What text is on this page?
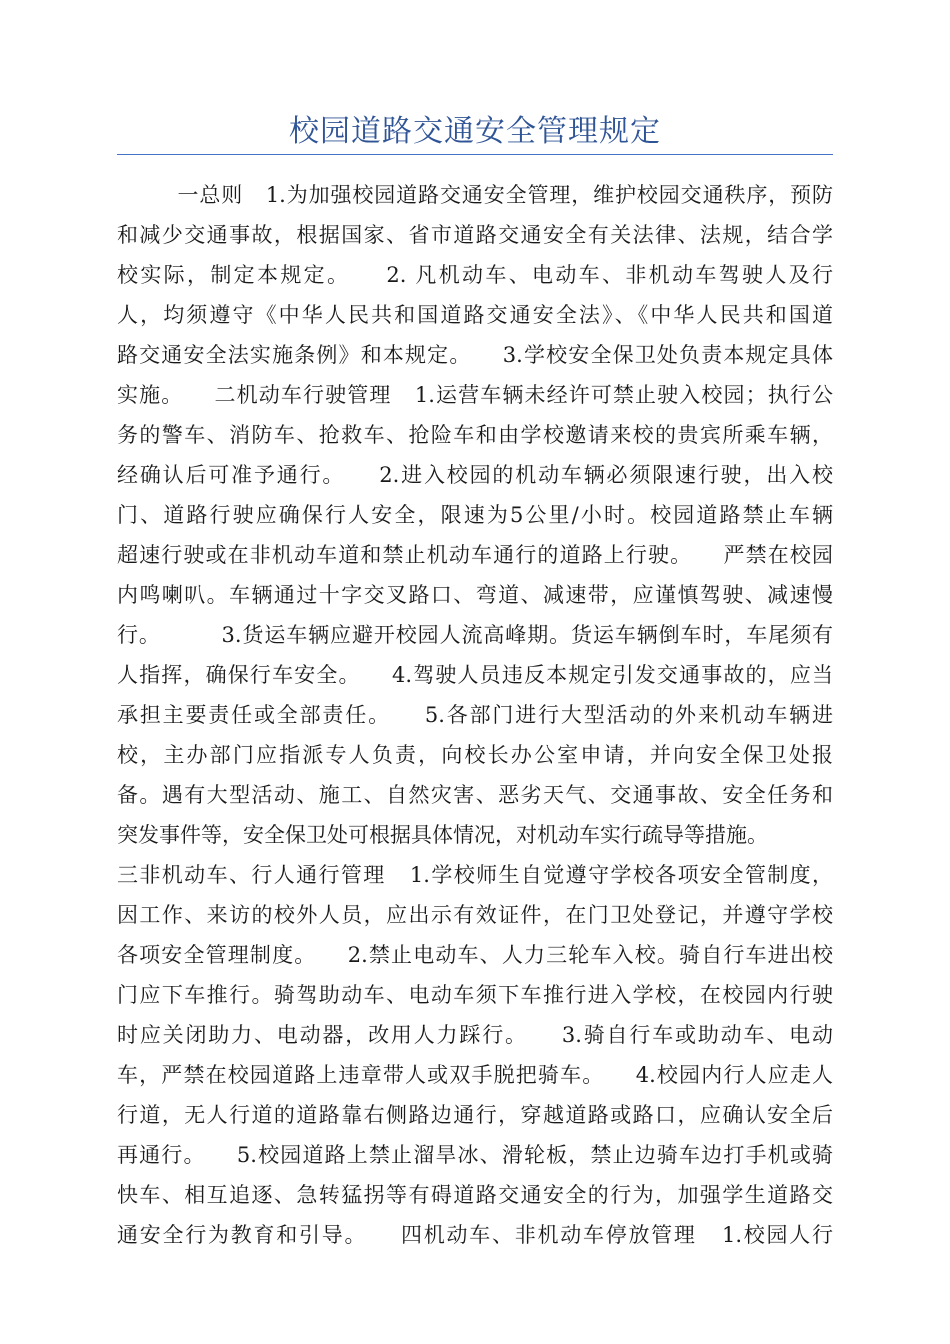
校园道路交通安全管理规定
一总则   1.为加强校园道路交通安全管理，维护校园交通秩序，预防
和减少交通事故，根据国家、省市道路交通安全有关法律、法规，结合学
校实际，制定本规定。    2. 凡机动车、电动车、非机动车驾驶人及行
人，均须遵守《中华人民共和国道路交通安全法》、《中华人民共和国道
路交通安全法实施条例》和本规定。    3.学校安全保卫处负责本规定具体
实施。    二机动车行驶管理   1.运营车辆未经许可禁止驶入校园；执行公
务的警车、消防车、抢救车、抢险车和由学校邀请来校的贵宾所乘车辆，
经确认后可准予通行。    2.进入校园的机动车辆必须限速行驶，出入校
门、道路行驶应确保行人安全，限速为5公里/小时。校园道路禁止车辆
超速行驶或在非机动车道和禁止机动车通行的道路上行驶。    严禁在校园
内鸣喇叭。车辆通过十字交叉路口、弯道、减速带，应谨慎驾驶、减速慢
行。        3.货运车辆应避开校园人流高峰期。货运车辆倒车时，车尾须有
人指挥，确保行车安全。    4.驾驶人员违反本规定引发交通事故的，应当
承担主要责任或全部责任。    5.各部门进行大型活动的外来机动车辆进
校，主办部门应指派专人负责，向校长办公室申请，并向安全保卫处报
备。遇有大型活动、施工、自然灾害、恶劣天气、交通事故、安全任务和
突发事件等，安全保卫处可根据具体情况，对机动车实行疏导等措施。
三非机动车、行人通行管理   1.学校师生自觉遵守学校各项安全管制度，
因工作、来访的校外人员，应出示有效证件，在门卫处登记，并遵守学校
各项安全管理制度。    2.禁止电动车、人力三轮车入校。骑自行车进出校
门应下车推行。骑驾助动车、电动车须下车推行进入学校，在校园内行驶
时应关闭助力、电动器，改用人力踩行。    3.骑自行车或助动车、电动
车，严禁在校园道路上违章带人或双手脱把骑车。    4.校园内行人应走人
行道，无人行道的道路靠右侧路边通行，穿越道路或路口，应确认安全后
再通行。    5.校园道路上禁止溜旱冰、滑轮板，禁止边骑车边打手机或骑
快车、相互追逐、急转猛拐等有碍道路交通安全的行为，加强学生道路交
通安全行为教育和引导。    四机动车、非机动车停放管理   1.校园人行
